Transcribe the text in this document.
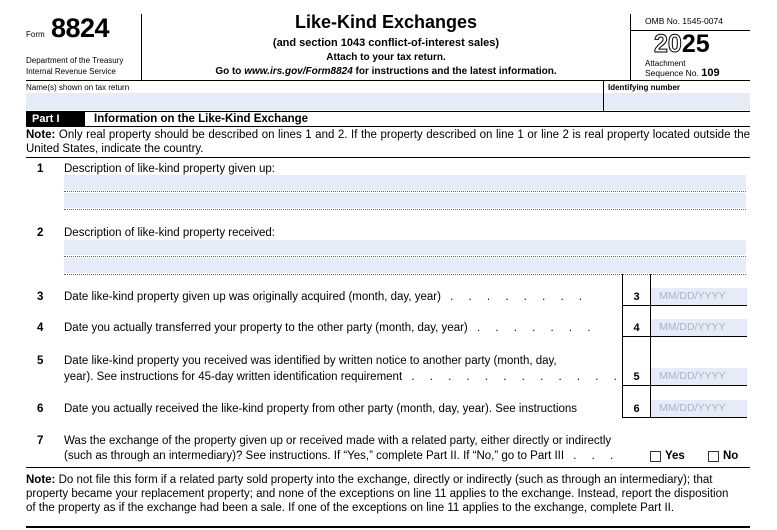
Form 8824
Department of the Treasury
Internal Revenue Service
Like-Kind Exchanges
(and section 1043 conflict-of-interest sales)
Attach to your tax return.
Go to www.irs.gov/Form8824 for instructions and the latest information.
OMB No. 1545-0074
2025
Attachment
Sequence No. 109
Name(s) shown on tax return	Identifying number
Part I	Information on the Like-Kind Exchange
Note: Only real property should be described on lines 1 and 2. If the property described on line 1 or line 2 is real property located outside the United States, indicate the country.
1 Description of like-kind property given up:
2 Description of like-kind property received:
3 Date like-kind property given up was originally acquired (month, day, year) . . . . . . . .	3	MM/DD/YYYY
4 Date you actually transferred your property to the other party (month, day, year) . . . . . . .	4	MM/DD/YYYY
5 Date like-kind property you received was identified by written notice to another party (month, day,
year). See instructions for 45-day written identification requirement . . . . . . . . . . . . 5	MM/DD/YYYY
6 Date you actually received the like-kind property from other party (month, day, year). See instructions	6	MM/DD/YYYY
7 Was the exchange of the property given up or received made with a related party, either directly or indirectly
(such as through an intermediary)? See instructions. If “Yes,” complete Part II. If “No,” go to Part III . . .	Yes	No
Note: Do not file this form if a related party sold property into the exchange, directly or indirectly (such as through an intermediary); that
property became your replacement property; and none of the exceptions on line 11 applies to the exchange. Instead, report the disposition
of the property as if the exchange had been a sale. If one of the exceptions on line 11 applies to the exchange, complete Part II.
